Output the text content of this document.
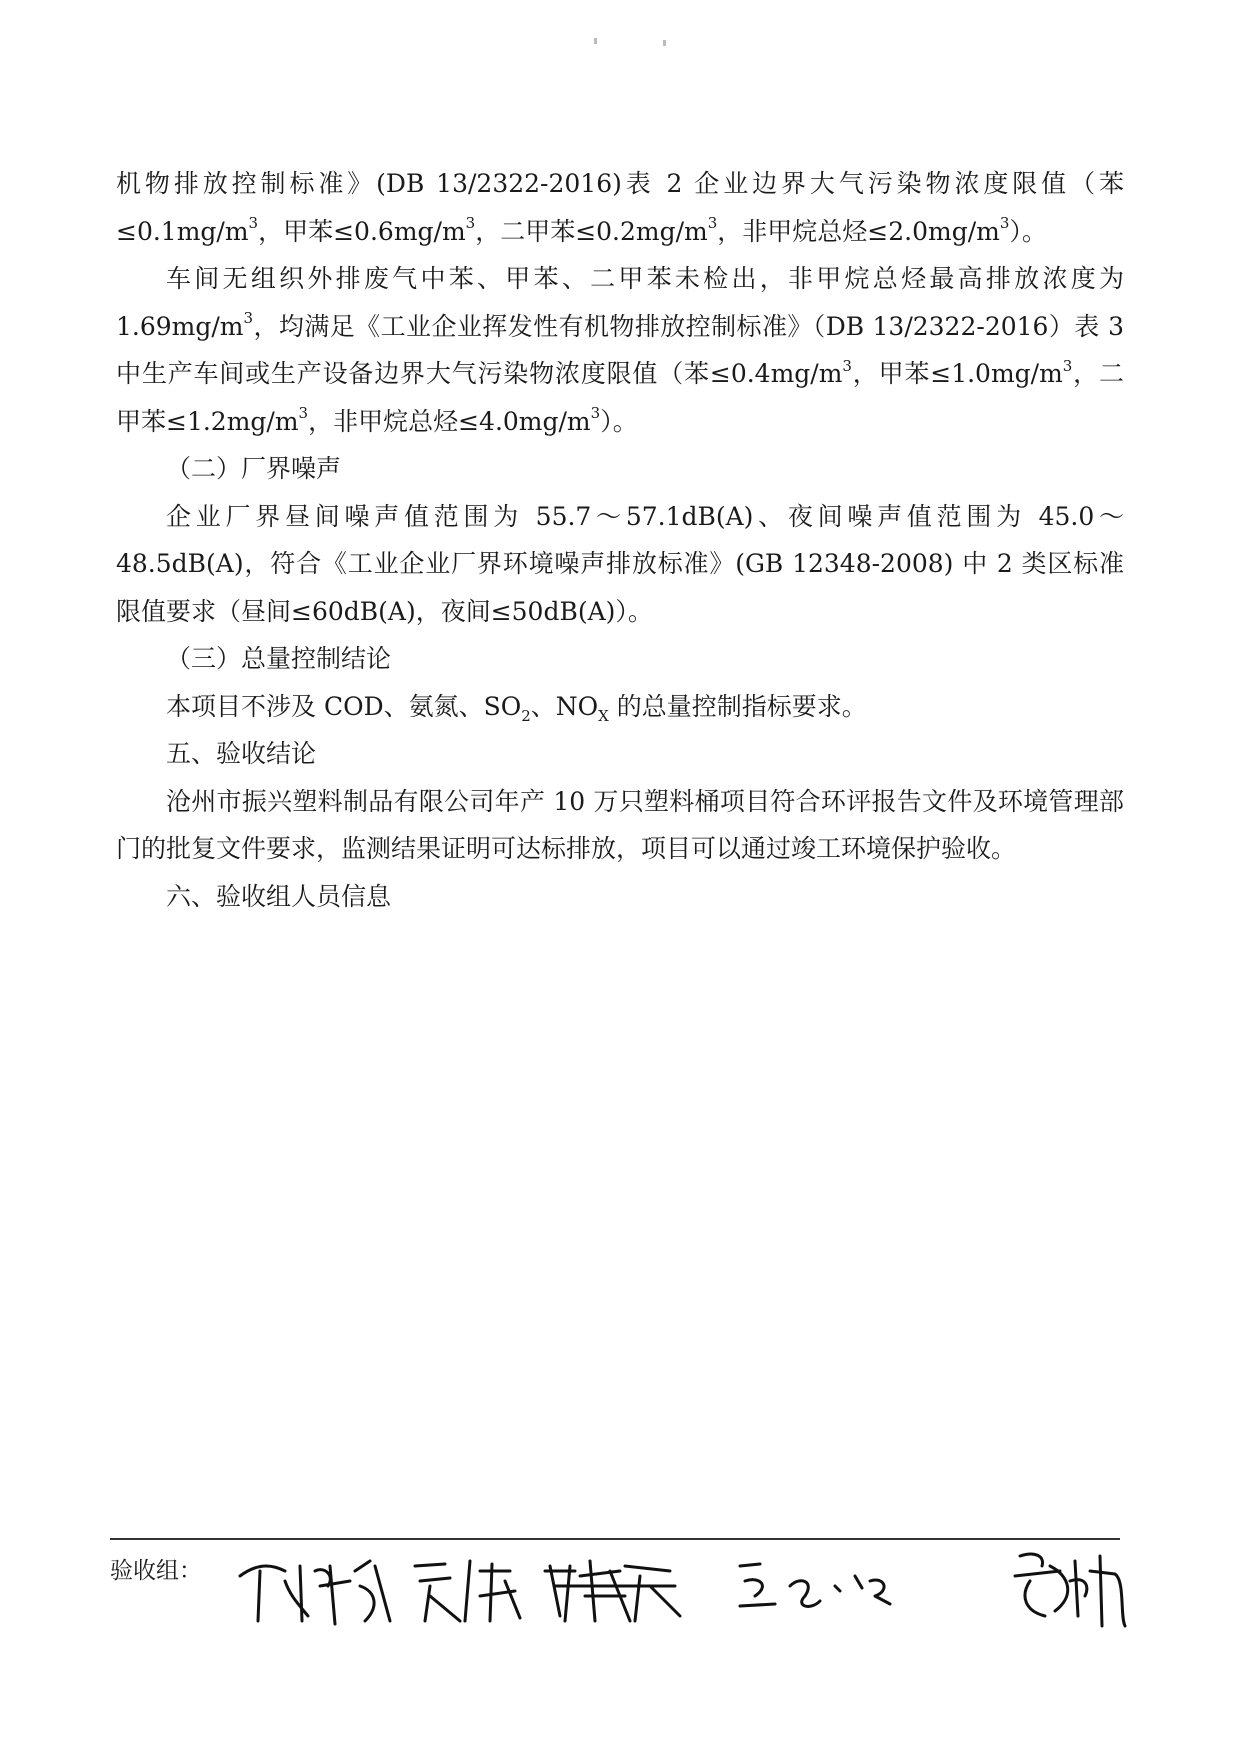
机物排放控制标准》(DB 13/2322-2016)表 2 企业边界大气污染物浓度限值（苯$\le 0.1mg/m^3$，甲苯$\le 0.6mg/m^3$，二甲苯$\le 0.2mg/m^3$，非甲烷总烃$\le 2.0mg/m^3$）。

车间无组织外排废气中苯、甲苯、二甲苯未检出，非甲烷总烃最高排放浓度为 $1.69mg/m^3$，均满足《工业企业挥发性有机物排放控制标准》（DB 13/2322-2016）表 3 中生产车间或生产设备边界大气污染物浓度限值（苯$\le 0.4mg/m^3$，甲苯$\le 1.0mg/m^3$，二甲苯$\le 1.2mg/m^3$，非甲烷总烃$\le 4.0mg/m^3$）。

（二）厂界噪声

企业厂界昼间噪声值范围为 55.7～57.1dB(A)、夜间噪声值范围为 45.0～48.5dB(A)，符合《工业企业厂界环境噪声排放标准》(GB 12348-2008) 中 2 类区标准限值要求（昼间≤60dB(A)，夜间≤50dB(A)）。

（三）总量控制结论

本项目不涉及 COD、氨氮、$SO_2$、$NO_X$ 的总量控制指标要求。

五、验收结论

沧州市振兴塑料制品有限公司年产 10 万只塑料桶项目符合环评报告文件及环境管理部门的批复文件要求，监测结果证明可达标排放，项目可以通过竣工环境保护验收。

六、验收组人员信息

验收组：
